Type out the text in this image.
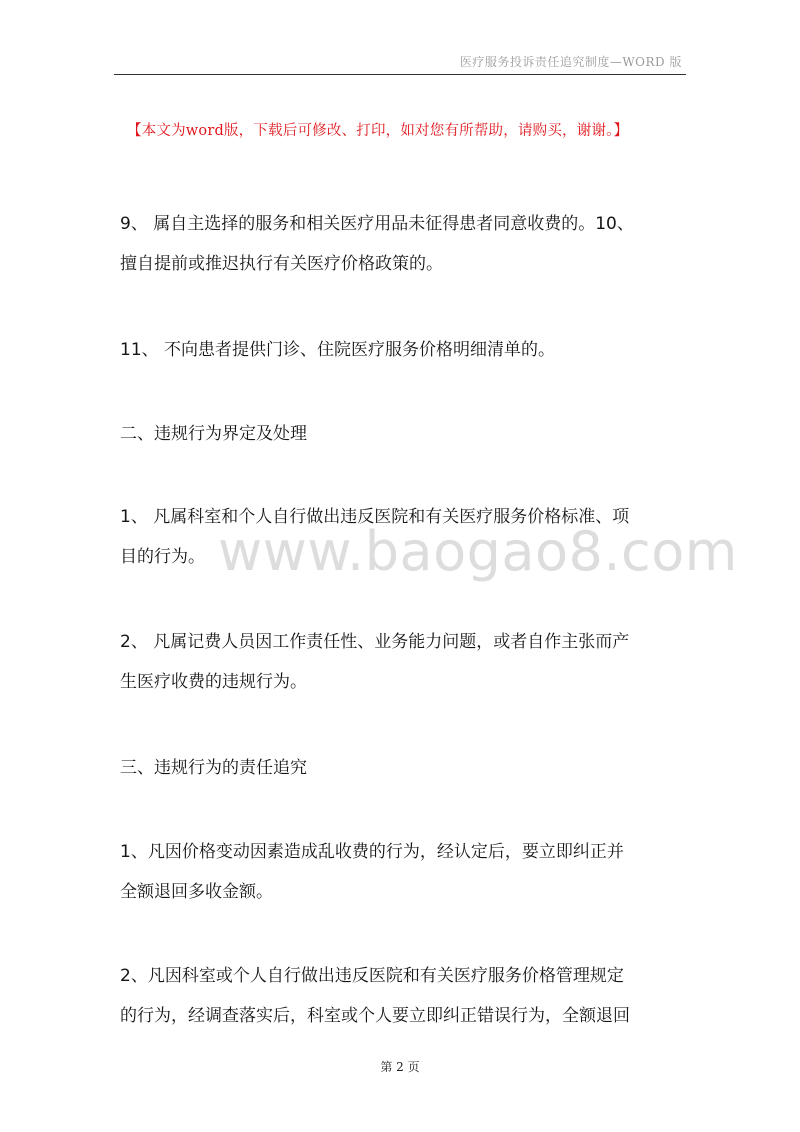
医疗服务投诉责任追究制度—WORD 版
【本文为word版，下载后可修改、打印，如对您有所帮助，请购买，谢谢。】
9、 属自主选择的服务和相关医疗用品未征得患者同意收费的。10、
擅自提前或推迟执行有关医疗价格政策的。
11、 不向患者提供门诊、住院医疗服务价格明细清单的。
二、违规行为界定及处理
1、 凡属科室和个人自行做出违反医院和有关医疗服务价格标准、项
目的行为。
2、 凡属记费人员因工作责任性、业务能力问题，或者自作主张而产
生医疗收费的违规行为。
三、违规行为的责任追究
1、凡因价格变动因素造成乱收费的行为，经认定后，要立即纠正并
全额退回多收金额。
2、凡因科室或个人自行做出违反医院和有关医疗服务价格管理规定
的行为，经调查落实后，科室或个人要立即纠正错误行为，全额退回
www.baogao8.com
第 2 页
